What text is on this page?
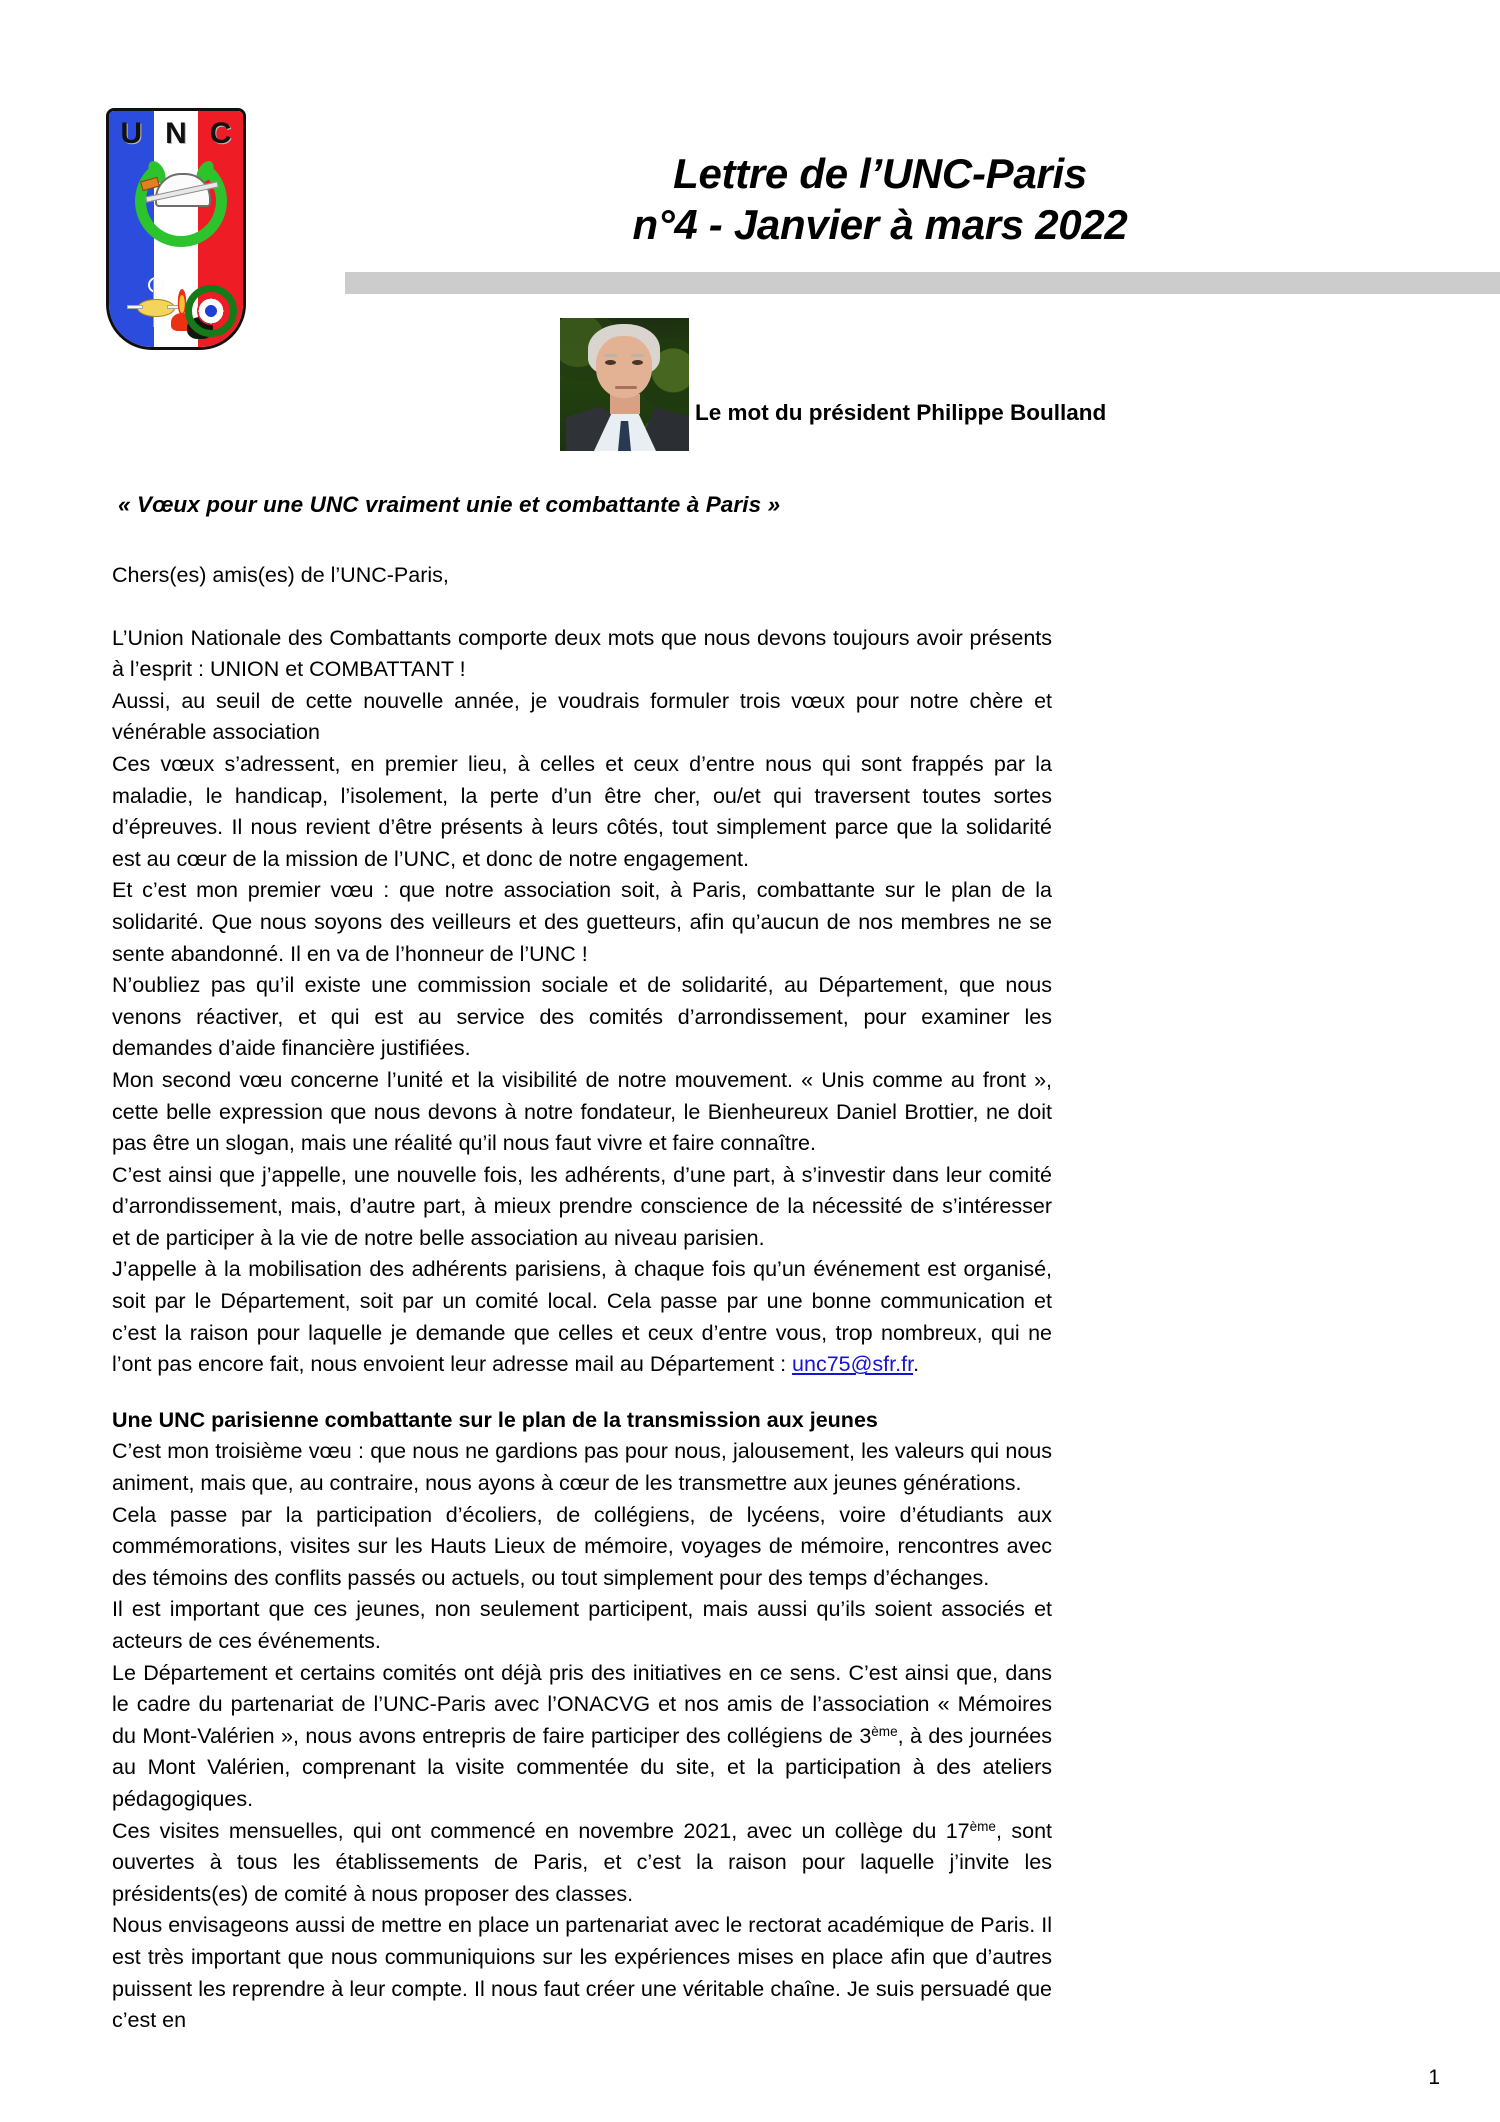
U N C
Lettre de l’UNC-Paris
n°4 - Janvier à mars 2022
Le mot du président Philippe Boulland
« Vœux pour une UNC vraiment unie et combattante à Paris »

Chers(es) amis(es) de l’UNC-Paris,

L’Union Nationale des Combattants comporte deux mots que nous devons toujours avoir présents à l’esprit : UNION et COMBATTANT !

Aussi, au seuil de cette nouvelle année, je voudrais formuler trois vœux pour notre chère et vénérable association

Ces vœux s’adressent, en premier lieu, à celles et ceux d’entre nous qui sont frappés par la maladie, le handicap, l’isolement, la perte d’un être cher, ou/et qui traversent toutes sortes d’épreuves. Il nous revient d’être présents à leurs côtés, tout simplement parce que la solidarité est au cœur de la mission de l’UNC, et donc de notre engagement.

Et c’est mon premier vœu : que notre association soit, à Paris, combattante sur le plan de la solidarité. Que nous soyons des veilleurs et des guetteurs, afin qu’aucun de nos membres ne se sente abandonné. Il en va de l’honneur de l’UNC !

N’oubliez pas qu’il existe une commission sociale et de solidarité, au Département, que nous venons réactiver, et qui est au service des comités d’arrondissement, pour examiner les demandes d’aide financière justifiées.

Mon second vœu concerne l’unité et la visibilité de notre mouvement. « Unis comme au front », cette belle expression que nous devons à notre fondateur, le Bienheureux Daniel Brottier, ne doit pas être un slogan, mais une réalité qu’il nous faut vivre et faire connaître.

C’est ainsi que j’appelle, une nouvelle fois, les adhérents, d’une part, à s’investir dans leur comité d’arrondissement, mais, d’autre part, à mieux prendre conscience de la nécessité de s’intéresser et de participer à la vie de notre belle association au niveau parisien.

J’appelle à la mobilisation des adhérents parisiens, à chaque fois qu’un événement est organisé, soit par le Département, soit par un comité local. Cela passe par une bonne communication et c’est la raison pour laquelle je demande que celles et ceux d’entre vous, trop nombreux, qui ne l’ont pas encore fait, nous envoient leur adresse mail au Département : unc75@sfr.fr.

Une UNC parisienne combattante sur le plan de la transmission aux jeunes

C’est mon troisième vœu : que nous ne gardions pas pour nous, jalousement, les valeurs qui nous animent, mais que, au contraire, nous ayons à cœur de les transmettre aux jeunes générations.

Cela passe par la participation d’écoliers, de collégiens, de lycéens, voire d’étudiants aux commémorations, visites sur les Hauts Lieux de mémoire, voyages de mémoire, rencontres avec des témoins des conflits passés ou actuels, ou tout simplement pour des temps d’échanges.

Il est important que ces jeunes, non seulement participent, mais aussi qu’ils soient associés et acteurs de ces événements.

Le Département et certains comités ont déjà pris des initiatives en ce sens. C’est ainsi que, dans le cadre du partenariat de l’UNC-Paris avec l’ONACVG et nos amis de l’association « Mémoires du Mont-Valérien », nous avons entrepris de faire participer des collégiens de 3ème, à des journées au Mont Valérien, comprenant la visite commentée du site, et la participation à des ateliers pédagogiques.

Ces visites mensuelles, qui ont commencé en novembre 2021, avec un collège du 17ème, sont ouvertes à tous les établissements de Paris, et c’est la raison pour laquelle j’invite les présidents(es) de comité à nous proposer des classes.

Nous envisageons aussi de mettre en place un partenariat avec le rectorat académique de Paris. Il est très important que nous communiquions sur les expériences mises en place afin que d’autres puissent les reprendre à leur compte. Il nous faut créer une véritable chaîne. Je suis persuadé que c’est en

1
